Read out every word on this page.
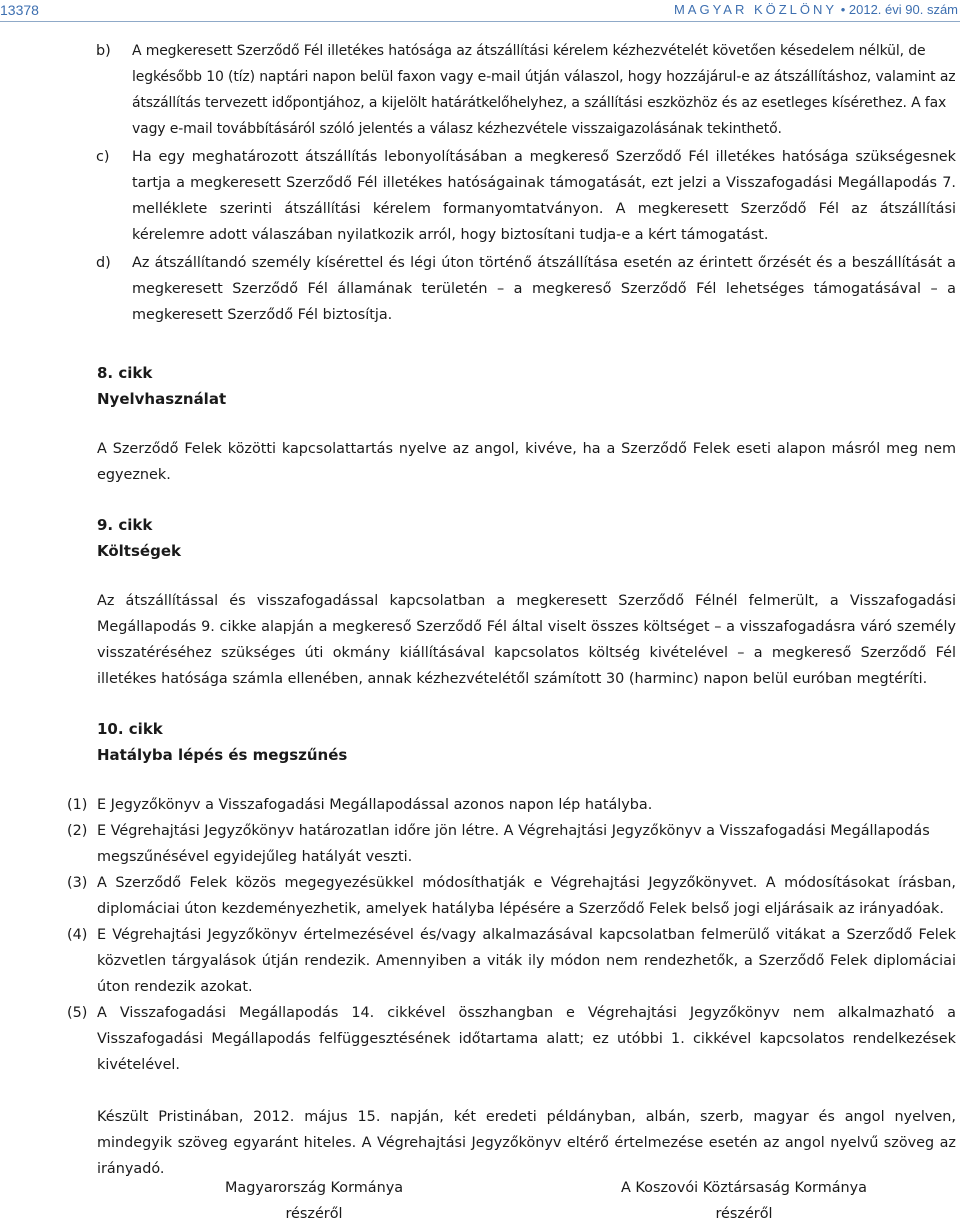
13378	MAGYAR KÖZLÖNY • 2012. évi 90. szám
b) A megkeresett Szerződő Fél illetékes hatósága az átszállítási kérelem kézhezvételét követően késedelem nélkül, de legkésőbb 10 (tíz) naptári napon belül faxon vagy e-mail útján válaszol, hogy hozzájárul-e az átszállításhoz, valamint az átszállítás tervezett időpontjához, a kijelölt határátkelőhelyhez, a szállítási eszközhöz és az esetleges kísérethez. A fax vagy e-mail továbbításáról szóló jelentés a válasz kézhezvétele visszaigazolásának tekinthető.

c) Ha egy meghatározott átszállítás lebonyolításában a megkereső Szerződő Fél illetékes hatósága szükségesnek tartja a megkeresett Szerződő Fél illetékes hatóságainak támogatását, ezt jelzi a Visszafogadási Megállapodás 7. melléklete szerinti átszállítási kérelem formanyomtatványon. A megkeresett Szerződő Fél az átszállítási kérelemre adott válaszában nyilatkozik arról, hogy biztosítani tudja-e a kért támogatást.

d) Az átszállítandó személy kísérettel és légi úton történő átszállítása esetén az érintett őrzését és a beszállítását a megkeresett Szerződő Fél államának területén – a megkereső Szerződő Fél lehetséges támogatásával – a megkeresett Szerződő Fél biztosítja.

8. cikk

Nyelvhasználat

A Szerződő Felek közötti kapcsolattartás nyelve az angol, kivéve, ha a Szerződő Felek eseti alapon másról meg nem egyeznek.

9. cikk

Költségek

Az átszállítással és visszafogadással kapcsolatban a megkeresett Szerződő Félnél felmerült, a Visszafogadási Megállapodás 9. cikke alapján a megkereső Szerződő Fél által viselt összes költséget – a visszafogadásra váró személy visszatéréséhez szükséges úti okmány kiállításával kapcsolatos költség kivételével – a megkereső Szerződő Fél illetékes hatósága számla ellenében, annak kézhezvételétől számított 30 (harminc) napon belül euróban megtéríti.

10. cikk

Hatályba lépés és megszűnés

(1) E Jegyzőkönyv a Visszafogadási Megállapodással azonos napon lép hatályba.

(2) E Végrehajtási Jegyzőkönyv határozatlan időre jön létre. A Végrehajtási Jegyzőkönyv a Visszafogadási Megállapodás megszűnésével egyidejűleg hatályát veszti.

(3) A Szerződő Felek közös megegyezésükkel módosíthatják e Végrehajtási Jegyzőkönyvet. A módosításokat írásban, diplomáciai úton kezdeményezhetik, amelyek hatályba lépésére a Szerződő Felek belső jogi eljárásaik az irányadóak.

(4) E Végrehajtási Jegyzőkönyv értelmezésével és/vagy alkalmazásával kapcsolatban felmerülő vitákat a Szerződő Felek közvetlen tárgyalások útján rendezik. Amennyiben a viták ily módon nem rendezhetők, a Szerződő Felek diplomáciai úton rendezik azokat.

(5) A Visszafogadási Megállapodás 14. cikkével összhangban e Végrehajtási Jegyzőkönyv nem alkalmazható a Visszafogadási Megállapodás felfüggesztésének időtartama alatt; ez utóbbi 1. cikkével kapcsolatos rendelkezések kivételével.

Készült Pristinában, 2012. május 15. napján, két eredeti példányban, albán, szerb, magyar és angol nyelven, mindegyik szöveg egyaránt hiteles. A Végrehajtási Jegyzőkönyv eltérő értelmezése esetén az angol nyelvű szöveg az irányadó.

Magyarország Kormánya
részéről
A Koszovói Köztársaság Kormánya
részéről
